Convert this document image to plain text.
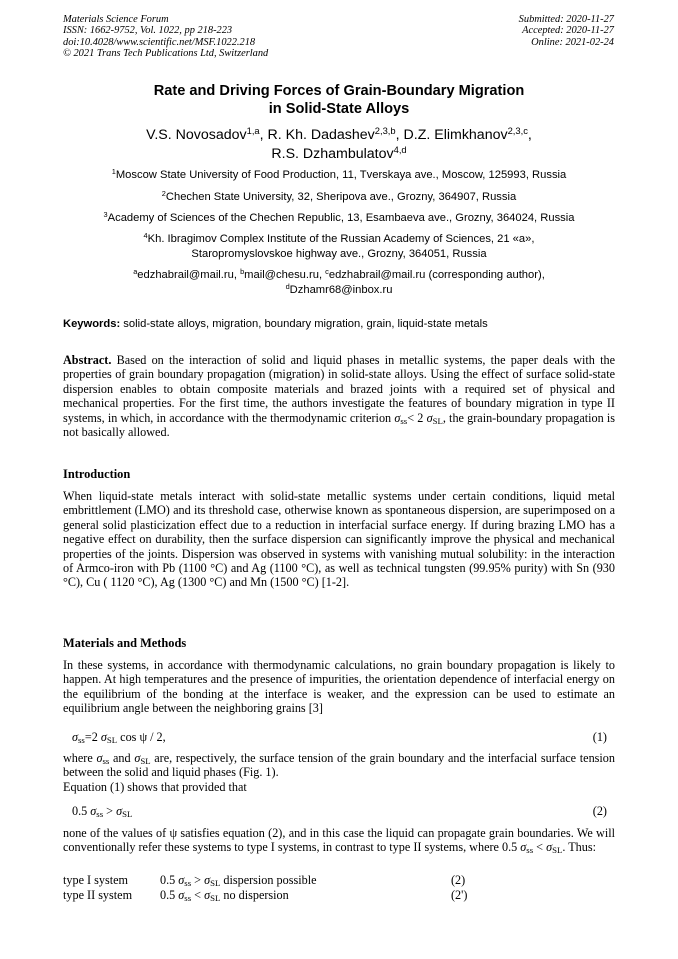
Materials Science Forum
ISSN: 1662-9752, Vol. 1022, pp 218-223
doi:10.4028/www.scientific.net/MSF.1022.218
© 2021 Trans Tech Publications Ltd, Switzerland
Submitted: 2020-11-27
Accepted: 2020-11-27
Online: 2021-02-24
Rate and Driving Forces of Grain-Boundary Migration
in Solid-State Alloys
V.S. Novosadov$^{1,a}$, R. Kh. Dadashev$^{2,3,b}$, D.Z. Elimkhanov$^{2,3,c}$,
R.S. Dzhambulatov$^{4,d}$
$^1$Moscow State University of Food Production, 11, Tverskaya ave., Moscow, 125993, Russia
$^2$Chechen State University, 32, Sheripova ave., Grozny, 364907, Russia
$^3$Academy of Sciences of the Chechen Republic, 13, Esambaeva ave., Grozny, 364024, Russia
$^4$Kh. Ibragimov Complex Institute of the Russian Academy of Sciences, 21 «a»,
Staropromyslovskoe highway ave., Grozny, 364051, Russia
$^a$edzhabrail@mail.ru, $^b$mail@chesu.ru, $^c$edzhabrail@mail.ru (corresponding author),
$^d$Dzhamr68@inbox.ru
Keywords: solid-state alloys, migration, boundary migration, grain, liquid-state metals
Abstract. Based on the interaction of solid and liquid phases in metallic systems, the paper deals with the properties of grain boundary propagation (migration) in solid-state alloys. Using the effect of surface solid-state dispersion enables to obtain composite materials and brazed joints with a required set of physical and mechanical properties. For the first time, the authors investigate the features of boundary migration in type II systems, in which, in accordance with the thermodynamic criterion $\sigma_{ss}< 2$ $\sigma_{SL}$, the grain-boundary propagation is not basically allowed.
Introduction
When liquid-state metals interact with solid-state metallic systems under certain conditions, liquid metal embrittlement (LMO) and its threshold case, otherwise known as spontaneous dispersion, are superimposed on a general solid plasticization effect due to a reduction in interfacial surface energy. If during brazing LMO has a negative effect on durability, then the surface dispersion can significantly improve the physical and mechanical properties of the joints. Dispersion was observed in systems with vanishing mutual solubility: in the interaction of Armco-iron with Pb (1100 °C) and Ag (1100 °C), as well as technical tungsten (99.95% purity) with Sn (930 °C), Cu ( 1120 °C), Ag (1300 °C) and Mn (1500 °C) [1-2].
Materials and Methods
In these systems, in accordance with thermodynamic calculations, no grain boundary propagation is likely to happen. At high temperatures and the presence of impurities, the orientation dependence of interfacial energy on the equilibrium of the bonding at the interface is weaker, and the expression can be used to estimate an equilibrium angle between the neighboring grains [3]
$\sigma_{ss}=2$ $\sigma_{SL}$ cos ψ / 2,	(1)
where $\sigma_{ss}$ and $\sigma_{SL}$ are, respectively, the surface tension of the grain boundary and the interfacial surface tension between the solid and liquid phases (Fig. 1).
Equation (1) shows that provided that
0.5 $\sigma_{ss} > \sigma_{SL}$	(2)
none of the values of ψ satisfies equation (2), and in this case the liquid can propagate grain boundaries. We will conventionally refer these systems to type I systems, in contrast to type II systems, where 0.5 $\sigma_{ss} < \sigma_{SL}$. Thus:
type I system	0.5 $\sigma_{ss} > \sigma_{SL}$ dispersion possible	(2)
type II system 0.5 $\sigma_{ss} < \sigma_{SL}$ no dispersion	(2')
